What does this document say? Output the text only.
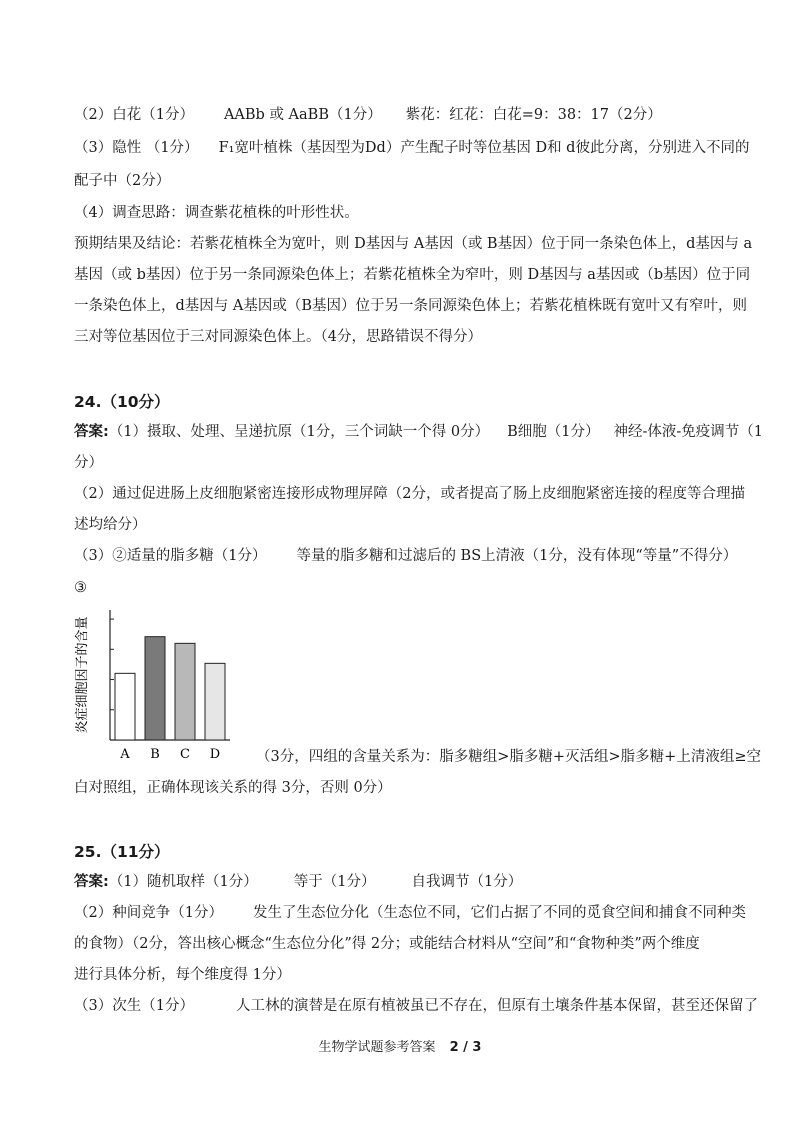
（2）白花（1分） AABb 或 AaBB（1分） 紫花：红花：白花=9：38：17（2分）
（3）隐性 （1分） F₁宽叶植株（基因型为Dd）产生配子时等位基因 D和 d彼此分离，分别进入不同的
配子中（2分）
（4）调查思路：调查紫花植株的叶形性状。
预期结果及结论：若紫花植株全为宽叶，则 D基因与 A基因（或 B基因）位于同一条染色体上，d基因与 a
基因（或 b基因）位于另一条同源染色体上；若紫花植株全为窄叶，则 D基因与 a基因或（b基因）位于同
一条染色体上，d基因与 A基因或（B基因）位于另一条同源染色体上；若紫花植株既有宽叶又有窄叶，则
三对等位基因位于三对同源染色体上。（4分，思路错误不得分）
24.（10分）
答案:（1）摄取、处理、呈递抗原（1分，三个词缺一个得 0分） B细胞（1分） 神经-体液-免疫调节（1
分）
（2）通过促进肠上皮细胞紧密连接形成物理屏障（2分，或者提高了肠上皮细胞紧密连接的程度等合理描
述均给分）
（3）②适量的脂多糖（1分） 等量的脂多糖和过滤后的 BS上清液（1分，没有体现“等量”不得分）
③
炎症细胞因子的含量
A B C D （3分，四组的含量关系为：脂多糖组>脂多糖+灭活组>脂多糖+上清液组≥空
白对照组，正确体现该关系的得 3分，否则 0分）
25.（11分）
答案:（1）随机取样（1分） 等于（1分） 自我调节（1分）
（2）种间竞争（1分） 发生了生态位分化（生态位不同，它们占据了不同的觅食空间和捕食不同种类
的食物）（2分，答出核心概念“生态位分化”得 2分；或能结合材料从“空间”和“食物种类”两个维度
进行具体分析，每个维度得 1分）
（3）次生（1分）	人工林的演替是在原有植被虽已不存在，但原有土壤条件基本保留，甚至还保留了
生物学试题参考答案 2 / 3
